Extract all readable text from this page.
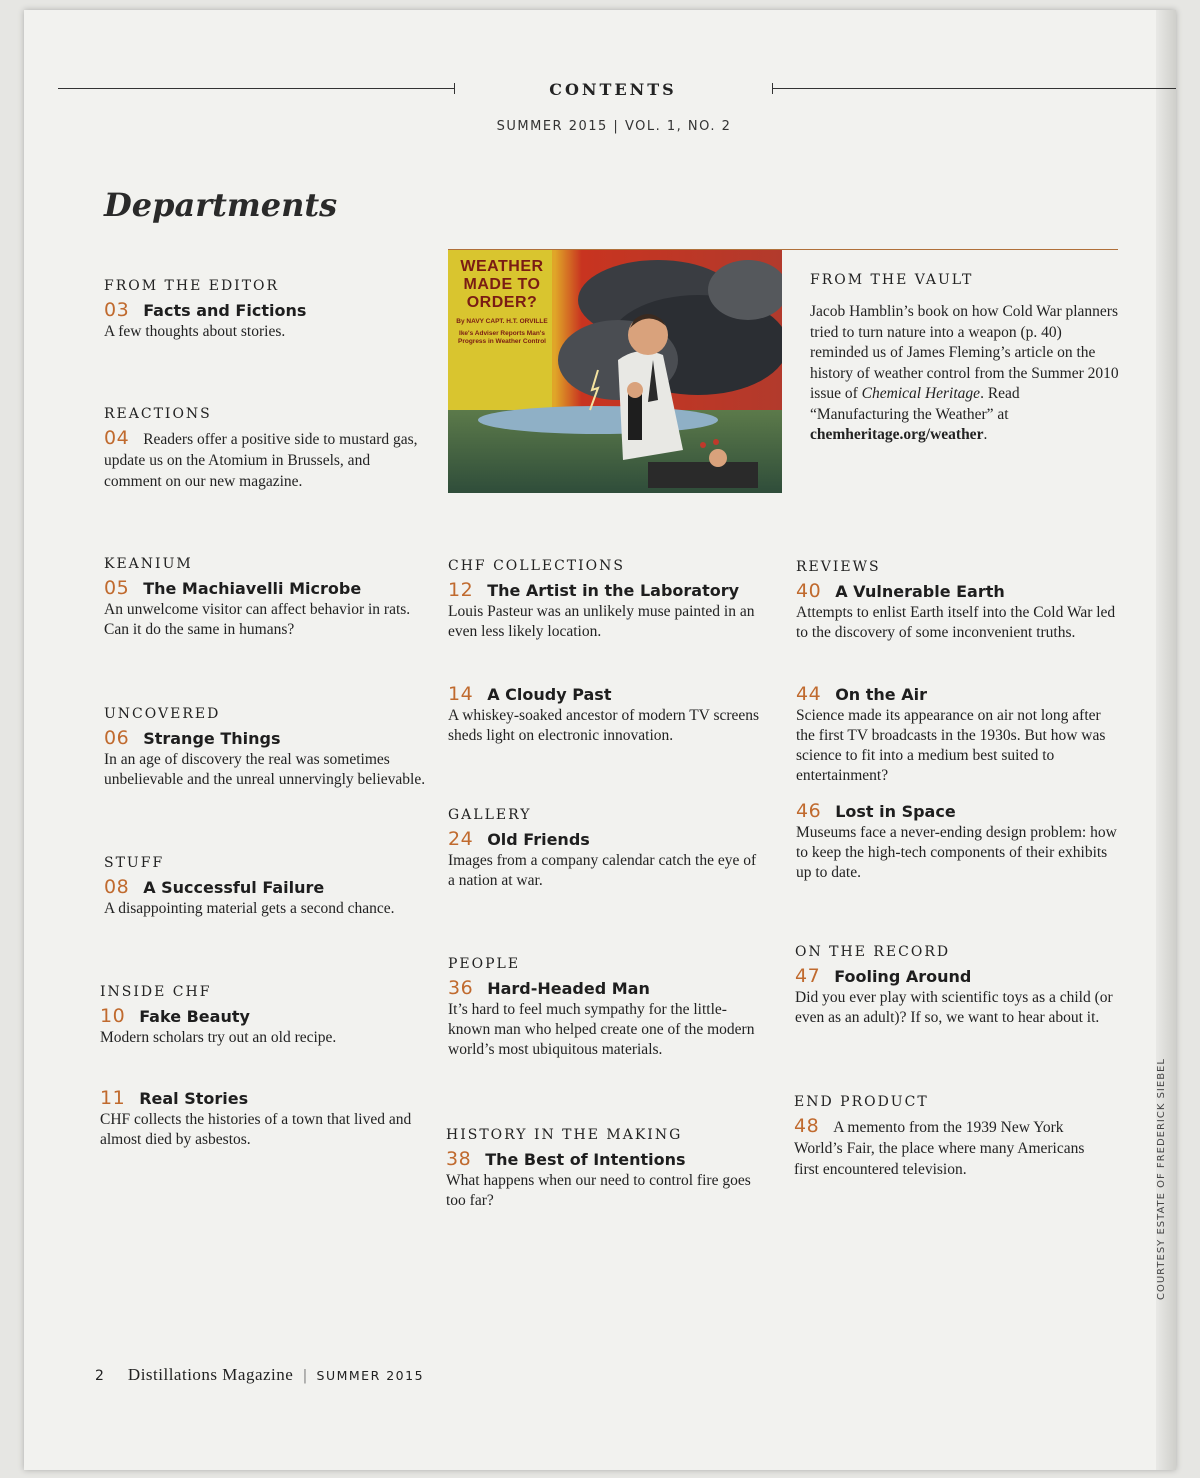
CONTENTS
SUMMER 2015 | VOL. 1, NO. 2
Departments
FROM THE EDITOR
03 Facts and Fictions
A few thoughts about stories.
REACTIONS
04 Readers offer a positive side to mustard gas, update us on the Atomium in Brussels, and comment on our new magazine.
KEANIUM
05 The Machiavelli Microbe
An unwelcome visitor can affect behavior in rats. Can it do the same in humans?
UNCOVERED
06 Strange Things
In an age of discovery the real was sometimes unbelievable and the unreal unnervingly believable.
STUFF
08 A Successful Failure
A disappointing material gets a second chance.
INSIDE CHF
10 Fake Beauty
Modern scholars try out an old recipe.
11 Real Stories
CHF collects the histories of a town that lived and almost died by asbestos.
WEATHER MADE TO ORDER?
By NAVY CAPT. H.T. ORVILLE
Ike's Adviser Reports Man's Progress in Weather Control
FROM THE VAULT
Jacob Hamblin’s book on how Cold War planners tried to turn nature into a weapon (p. 40) reminded us of James Fleming’s article on the history of weather control from the Summer 2010 issue of Chemical Heritage. Read “Manufacturing the Weather” at chemheritage.org/weather.
CHF COLLECTIONS
12 The Artist in the Laboratory
Louis Pasteur was an unlikely muse painted in an even less likely location.
14 A Cloudy Past
A whiskey-soaked ancestor of modern TV screens sheds light on electronic innovation.
GALLERY
24 Old Friends
Images from a company calendar catch the eye of a nation at war.
PEOPLE
36 Hard-Headed Man
It’s hard to feel much sympathy for the little-known man who helped create one of the modern world’s most ubiquitous materials.
HISTORY IN THE MAKING
38 The Best of Intentions
What happens when our need to control fire goes too far?
REVIEWS
40 A Vulnerable Earth
Attempts to enlist Earth itself into the Cold War led to the discovery of some inconvenient truths.
44 On the Air
Science made its appearance on air not long after the first TV broadcasts in the 1930s. But how was science to fit into a medium best suited to entertainment?
46 Lost in Space
Museums face a never-ending design problem: how to keep the high-tech components of their exhibits up to date.
ON THE RECORD
47 Fooling Around
Did you ever play with scientific toys as a child (or even as an adult)? If so, we want to hear about it.
END PRODUCT
48 A memento from the 1939 New York World’s Fair, the place where many Americans first encountered television.
2 Distillations Magazine | SUMMER 2015
COURTESY ESTATE OF FREDERICK SIEBEL
